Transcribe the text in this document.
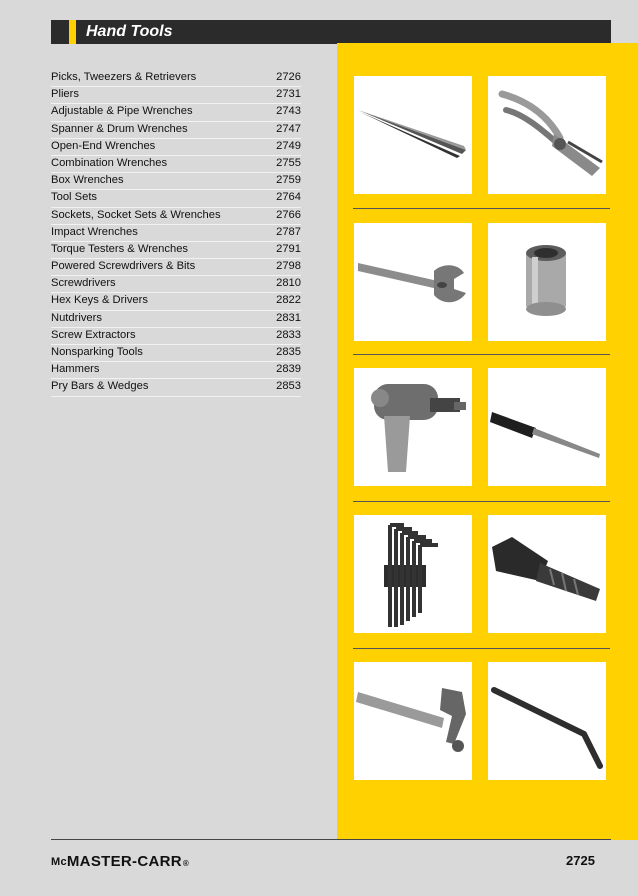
Hand Tools
Picks, Tweezers & Retrievers	2726
Pliers	2731
Adjustable & Pipe Wrenches	2743
Spanner & Drum Wrenches	2747
Open-End Wrenches	2749
Combination Wrenches	2755
Box Wrenches	2759
Tool Sets	2764
Sockets, Socket Sets & Wrenches	2766
Impact Wrenches	2787
Torque Testers & Wrenches	2791
Powered Screwdrivers & Bits	2798
Screwdrivers	2810
Hex Keys & Drivers	2822
Nutdrivers	2831
Screw Extractors	2833
Nonsparking Tools	2835
Hammers	2839
Pry Bars & Wedges	2853
McMASTER-CARR®	2725
